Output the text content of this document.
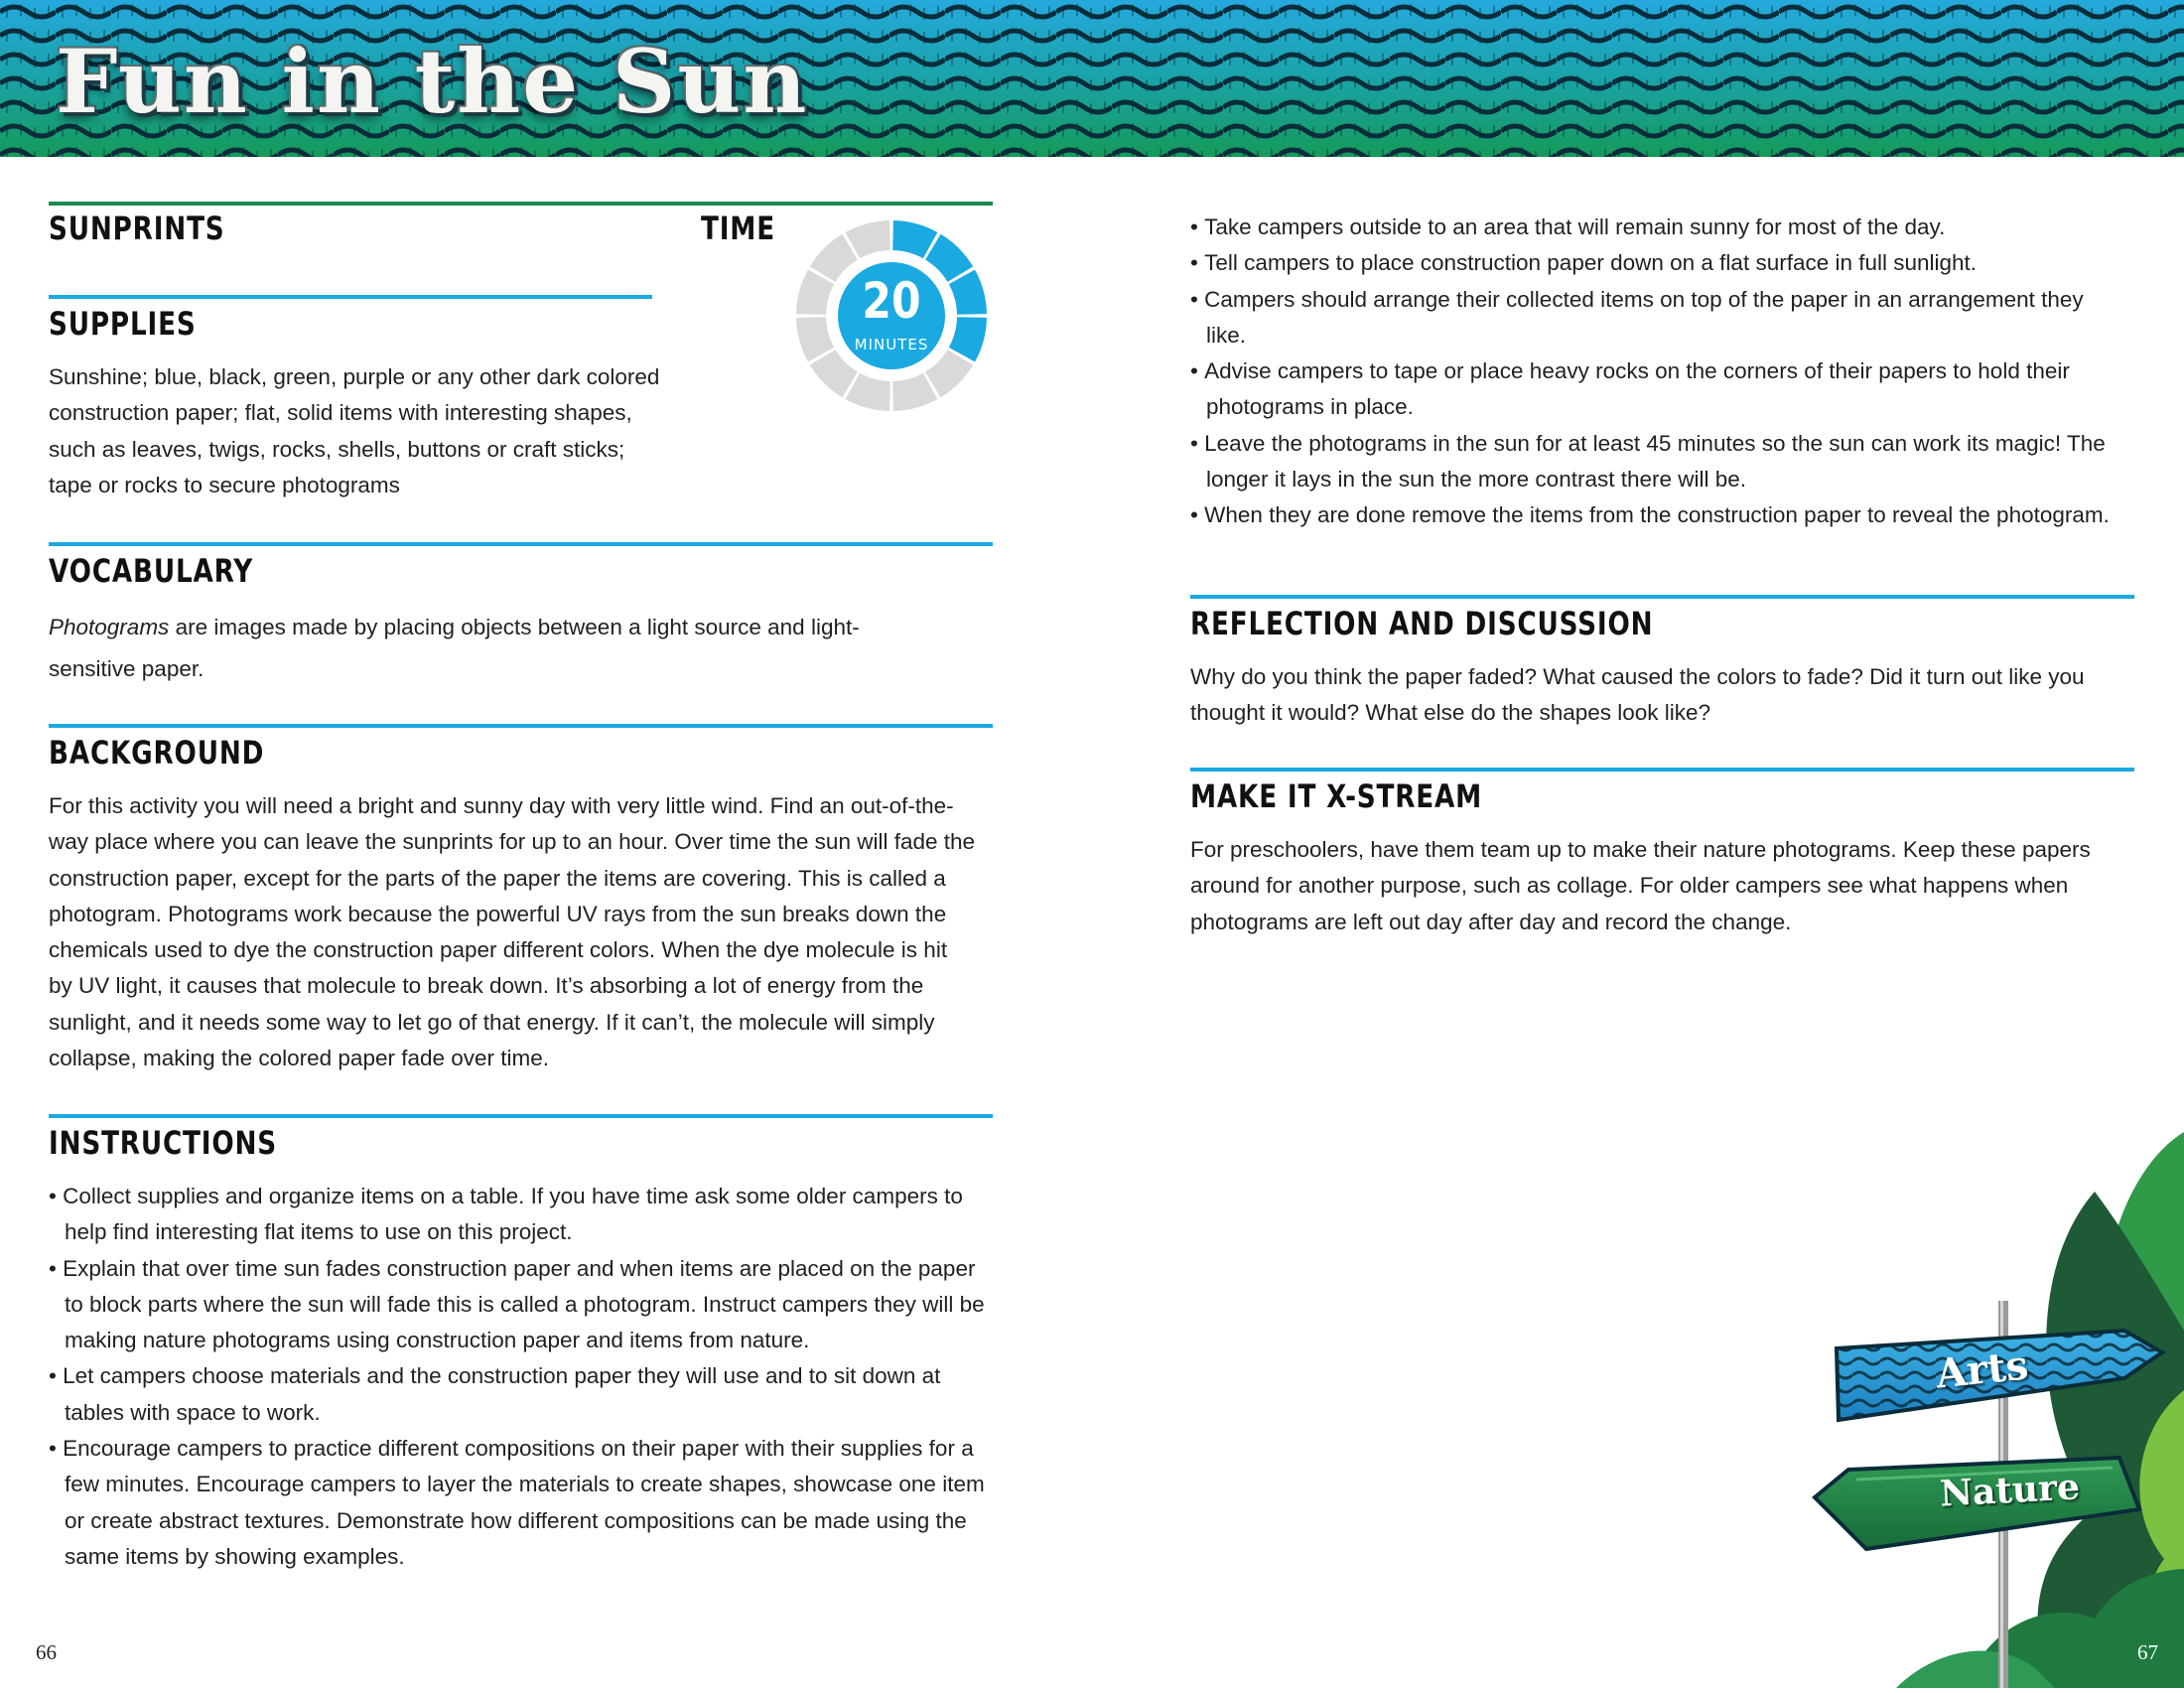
Fun in the Sun
SUNPRINTS	TIME
20
MINUTES
SUPPLIES

Sunshine; blue, black, green, purple or any other dark colored construction paper; flat, solid items with interesting shapes, such as leaves, twigs, rocks, shells, buttons or craft sticks; tape or rocks to secure photograms

VOCABULARY

Photograms are images made by placing objects between a light source and light-sensitive paper.

BACKGROUND

For this activity you will need a bright and sunny day with very little wind. Find an out-of-the-way place where you can leave the sunprints for up to an hour. Over time the sun will fade the construction paper, except for the parts of the paper the items are covering. This is called a photogram. Photograms work because the powerful UV rays from the sun breaks down the chemicals used to dye the construction paper different colors. When the dye molecule is hit by UV light, it causes that molecule to break down. It’s absorbing a lot of energy from the sunlight, and it needs some way to let go of that energy. If it can’t, the molecule will simply collapse, making the colored paper fade over time.

INSTRUCTIONS
• Collect supplies and organize items on a table. If you have time ask some older campers to help find interesting flat items to use on this project.
• Explain that over time sun fades construction paper and when items are placed on the paper to block parts where the sun will fade this is called a photogram. Instruct campers they will be making nature photograms using construction paper and items from nature.
• Let campers choose materials and the construction paper they will use and to sit down at tables with space to work.
• Encourage campers to practice different compositions on their paper with their supplies for a few minutes. Encourage campers to layer the materials to create shapes, showcase one item or create abstract textures. Demonstrate how different compositions can be made using the same items by showing examples.
66
• Take campers outside to an area that will remain sunny for most of the day.
• Tell campers to place construction paper down on a flat surface in full sunlight.
• Campers should arrange their collected items on top of the paper in an arrangement they like.
• Advise campers to tape or place heavy rocks on the corners of their papers to hold their photograms in place.
• Leave the photograms in the sun for at least 45 minutes so the sun can work its magic! The longer it lays in the sun the more contrast there will be.
• When they are done remove the items from the construction paper to reveal the photogram.
REFLECTION AND DISCUSSION

Why do you think the paper faded? What caused the colors to fade? Did it turn out like you thought it would? What else do the shapes look like?

MAKE IT X-STREAM

For preschoolers, have them team up to make their nature photograms. Keep these papers around for another purpose, such as collage. For older campers see what happens when photograms are left out day after day and record the change.

Arts
Nature
67
